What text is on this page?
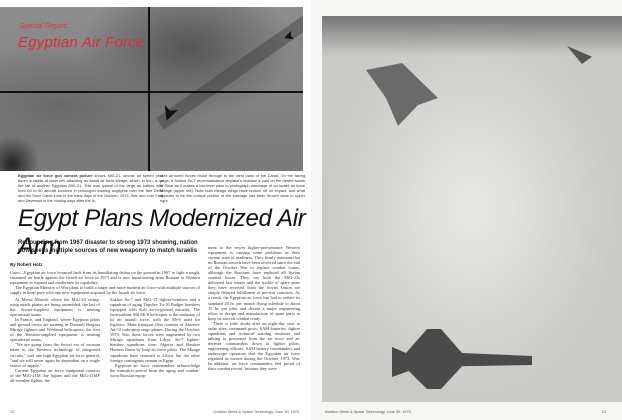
Special Report:
Egyptian Air Force
Egyptian air force gun camera picture shows MiG-21, whose air speed pitot boom is visible at lower left, attacking an Israeli air force Mirage, which, in turn, is on the tail of another Egyptian MiG-21. This was typical of the large air battles with from 60 to 80 aircraft involved in prolonged swirling dogfights over the Nile Delta and the Suez Canal zone in the early days of the October, 1973, War and over Faid and Deversoir in the closing days after the Is-
raeli armored forces broke through to the west bank of the Canal. On the facing page, a Sukhoi Su-7 reconnaissance airplane's shadow is cast on the desert sands of Sinai as it makes a low-level pass to photograph wreckage of an Israeli air force Mirage (upper left). Note both Mirage wings have broken off on impact, and what appears to be the cockpit portion of the fuselage has been thrown clear in upper right.
Egypt Plans Modernized Air Arm
Rebounding from 1967 disaster to strong 1973 showing, nation now seeks multiple sources of new weaponry to match Israelis
By Robert Hotz

Cairo—Egyptian air force bounced back from its humiliating defeat on the ground in 1967 to fight a tough, sustained air battle against the Israeli air force in 1973 and is now transitioning from Russian to Western equipment to expand and modernize its capability.

The Egyptian Ministry of War plans to build a larger and more modern air force with multiple sources of supply to keep pace with any new equipment acquired by the Israeli air force.

At Mersa Matruh, where the MiG-23 swing-wing attack planes are being assembled, the last of the Soviet-supplied equipment is nearing operational status.

In France, and England, where Egyptian pilots and ground crews are training in Dassault Breguet Mirage fighters and Westland helicopters, the first of the Western-supplied equipment is nearing operational status.

"We are going from the Soviet era of vacuum tubes to the Western technology of integrated circuits," said one high Egyptian air force general, "and we will never again be dependent on a single source of supply."

Current Egyptian air force equipment consists of the MiG-21M day fighter and the MiG-21MF all-weather fighter, the

Sukhoi Su-7 and MiG-17 fighter-bombers and a squadron of aging Tupolev Tu-16 Badger bombers equipped with Kelt air-to-ground missiles. The twin-turbine Mil Mi-8 helicopter is the mainstay of its air assault force, with the Mi-6 used for logistics. Main transport fleet consists of Antonov An-12 turboprop cargo planes. During the October, 1973, War, these forces were augmented by two Mirage squadrons from Libya, Su-7 fighter-bomber squadrons from Algeria and Hawker Hunters flown by Iraqi air force pilots. The Mirage squadrons have returned to Libya, but the other foreign contingents remain in Egypt.

Egyptian air force commanders acknowledge the transition period from the aging and combat-worn Russian equip-

ment to the newer higher-performance Western equipment is causing some problems in their current state of readiness. They firmly maintain that no Russian aircraft have been received since the end of the October War to replace combat losses, although the Russians have replaced all Syrian combat losses. They say both the MiG-23s delivered last winter and the trickle of spare parts they have received from the Soviet Union are simply delayed fulfillment of pre-war contracts. As a result, the Egyptian air force has had to reduce its standard 20 hr. per month flying schedule to about 15 hr. per pilot and devote a major engineering effort to design and manufacture of spare parts to keep its aircraft combat ready.

There is little doubt after an eight-day visit to radar sites, command posts, SAM batteries, fighter squadrons and technical training institutes and talking to personnel from the air force and air defense commanders down to fighter pilots, engineering officers, SAM battery commanders and radarscope operators that the Egyptian air force regained its morale during the October, 1973, War. In addition, air force commanders feel proud of their combat record, because they were

12	Aviation Week & Space Technology, June 30, 1975	Aviation Week & Space Technology, June 30, 1975	13
